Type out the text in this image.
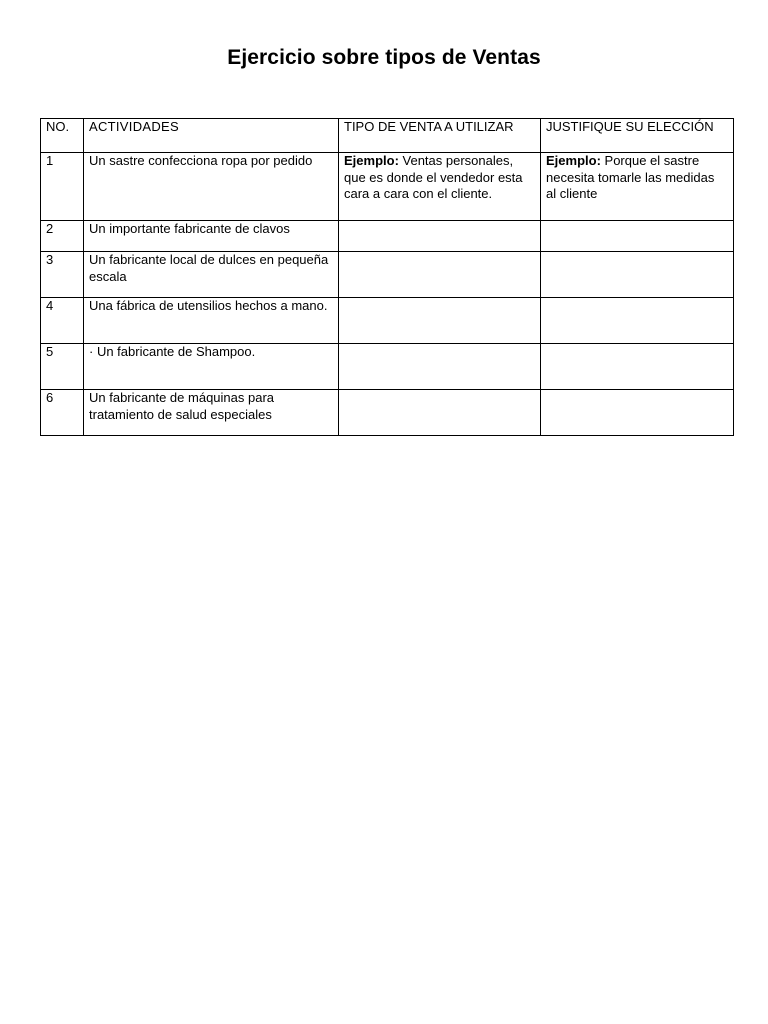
Ejercicio sobre tipos de Ventas
NO.	ACTIVIDADES	TIPO DE VENTA A UTILIZAR	JUSTIFIQUE SU ELECCIÓN
1	Un sastre confecciona ropa por pedido	Ejemplo: Ventas personales, que es donde el vendedor esta cara a cara con el cliente.	Ejemplo: Porque el sastre necesita tomarle las medidas al cliente
2	Un importante fabricante de clavos		
3	Un fabricante local de dulces en pequeña escala		
4	Una fábrica de utensilios hechos a mano.		
5	· Un fabricante de Shampoo.		
6	Un fabricante de máquinas para tratamiento de salud especiales		
